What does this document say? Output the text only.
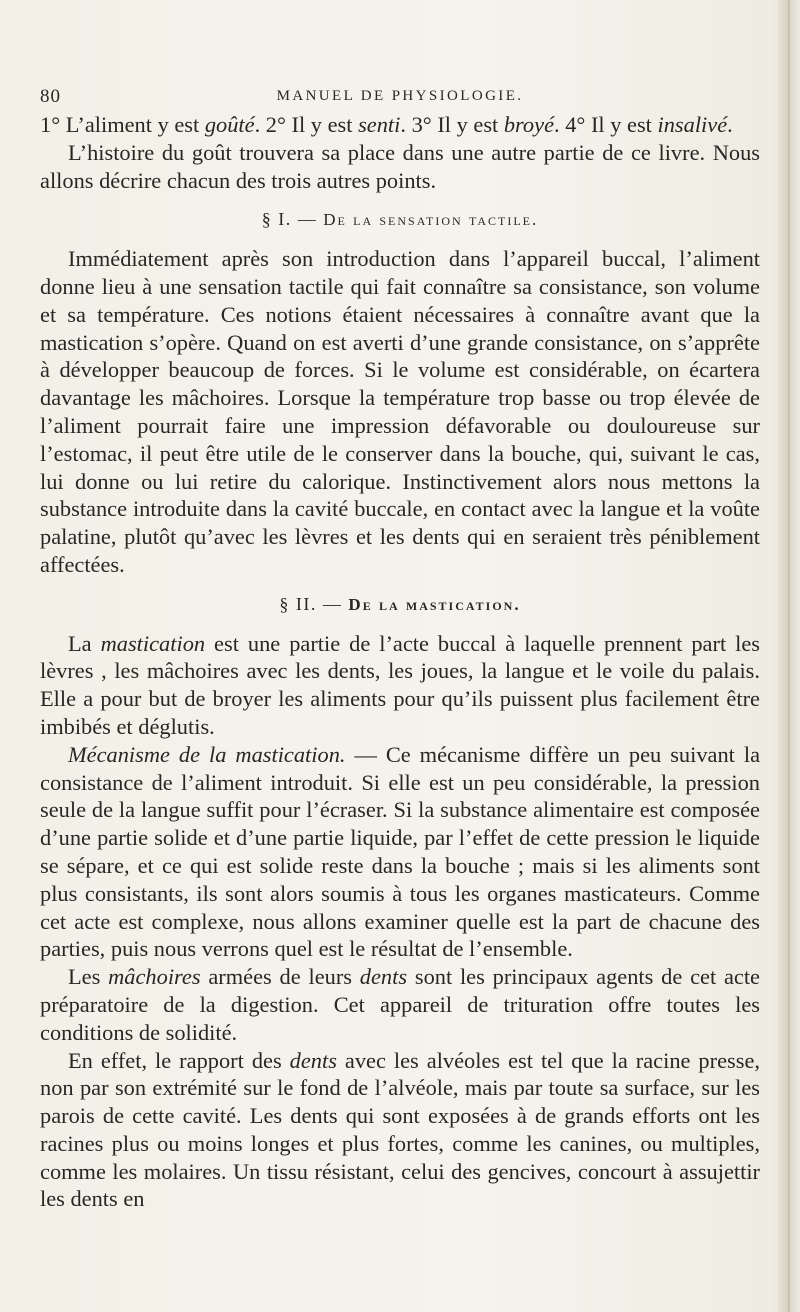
80	MANUEL DE PHYSIOLOGIE.

1° L’aliment y est goûté. 2° Il y est senti. 3° Il y est broyé. 4° Il y est insalivé.

L’histoire du goût trouvera sa place dans une autre partie de ce livre. Nous allons décrire chacun des trois autres points.

§ I. — De la sensation tactile.

Immédiatement après son introduction dans l’appareil buccal, l’aliment donne lieu à une sensation tactile qui fait connaître sa consistance, son volume et sa température. Ces notions étaient nécessaires à connaître avant que la mastication s’opère. Quand on est averti d’une grande consistance, on s’apprête à développer beaucoup de forces. Si le volume est considérable, on écartera davantage les mâchoires. Lorsque la température trop basse ou trop élevée de l’aliment pourrait faire une impression défavorable ou douloureuse sur l’estomac, il peut être utile de le conserver dans la bouche, qui, suivant le cas, lui donne ou lui retire du calorique. Instinctivement alors nous mettons la substance introduite dans la cavité buccale, en contact avec la langue et la voûte palatine, plutôt qu’avec les lèvres et les dents qui en seraient très péniblement affectées.

§ II. — De la mastication.

La mastication est une partie de l’acte buccal à laquelle prennent part les lèvres , les mâchoires avec les dents, les joues, la langue et le voile du palais. Elle a pour but de broyer les aliments pour qu’ils puissent plus facilement être imbibés et déglutis.

Mécanisme de la mastication. — Ce mécanisme diffère un peu suivant la consistance de l’aliment introduit. Si elle est un peu considérable, la pression seule de la langue suffit pour l’écraser. Si la substance alimentaire est composée d’une partie solide et d’une partie liquide, par l’effet de cette pression le liquide se sépare, et ce qui est solide reste dans la bouche ; mais si les aliments sont plus consistants, ils sont alors soumis à tous les organes masticateurs. Comme cet acte est complexe, nous allons examiner quelle est la part de chacune des parties, puis nous verrons quel est le résultat de l’ensemble.

Les mâchoires armées de leurs dents sont les principaux agents de cet acte préparatoire de la digestion. Cet appareil de trituration offre toutes les conditions de solidité.

En effet, le rapport des dents avec les alvéoles est tel que la racine presse, non par son extrémité sur le fond de l’alvéole, mais par toute sa surface, sur les parois de cette cavité. Les dents qui sont exposées à de grands efforts ont les racines plus ou moins longes et plus fortes, comme les canines, ou multiples, comme les molaires. Un tissu résistant, celui des gencives, concourt à assujettir les dents en
